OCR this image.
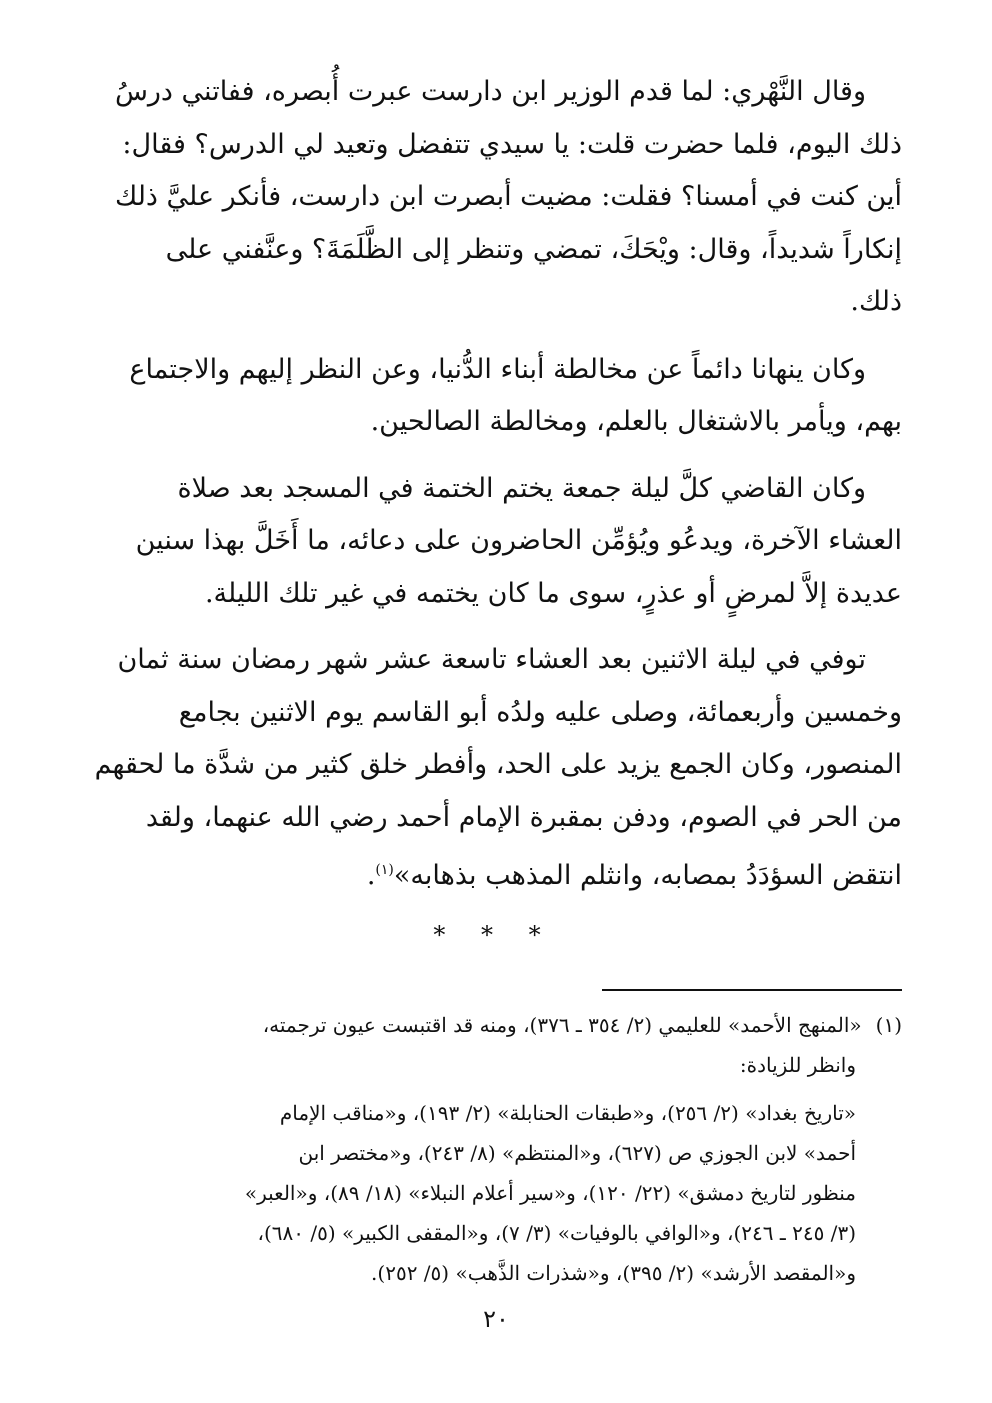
وقال النَّهْري: لما قدم الوزير ابن دارست عبرت أُبصره، ففاتني درسُ
ذلك اليوم، فلما حضرت قلت: يا سيدي تتفضل وتعيد لي الدرس؟ فقال:
أين كنت في أمسنا؟ فقلت: مضيت أبصرت ابن دارست، فأنكر عليَّ ذلك
إنكاراً شديداً، وقال: ويْحَكَ، تمضي وتنظر إلى الظَّلَمَةَ؟ وعنَّفني على
ذلك.
وكان ينهانا دائماً عن مخالطة أبناء الدُّنيا، وعن النظر إليهم والاجتماع
بهم، ويأمر بالاشتغال بالعلم، ومخالطة الصالحين.
وكان القاضي كلَّ ليلة جمعة يختم الختمة في المسجد بعد صلاة
العشاء الآخرة، ويدعُو ويُؤمِّن الحاضرون على دعائه، ما أَخَلَّ بهذا سنين
عديدة إلاَّ لمرضٍ أو عذرٍ، سوى ما كان يختمه في غير تلك الليلة.
توفي في ليلة الاثنين بعد العشاء تاسعة عشر شهر رمضان سنة ثمان
وخمسين وأربعمائة، وصلى عليه ولدُه أبو القاسم يوم الاثنين بجامع
المنصور، وكان الجمع يزيد على الحد، وأفطر خلق كثير من شدَّة ما لحقهم
من الحر في الصوم، ودفن بمقبرة الإمام أحمد رضي الله عنهما، ولقد
انتقض السؤدَدُ بمصابه، وانثلم المذهب بذهابه»$^{(١)}$.
* * *
(١)«المنهج الأحمد» للعليمي (٢/ ٣٥٤ ـ ٣٧٦)، ومنه قد اقتبست عيون ترجمته،
وانظر للزيادة:
«تاريخ بغداد» (٢/ ٢٥٦)، و«طبقات الحنابلة» (٢/ ١٩٣)، و«مناقب الإمام
أحمد» لابن الجوزي ص (٦٢٧)، و«المنتظم» (٨/ ٢٤٣)، و«مختصر ابن
منظور لتاريخ دمشق» (٢٢/ ١٢٠)، و«سير أعلام النبلاء» (١٨/ ٨٩)، و«العبر»
(٣/ ٢٤٥ ـ ٢٤٦)، و«الوافي بالوفيات» (٣/ ٧)، و«المقفى الكبير» (٥/ ٦٨٠)،
و«المقصد الأرشد» (٢/ ٣٩٥)، و«شذرات الذَّهب» (٥/ ٢٥٢).
٢٠
